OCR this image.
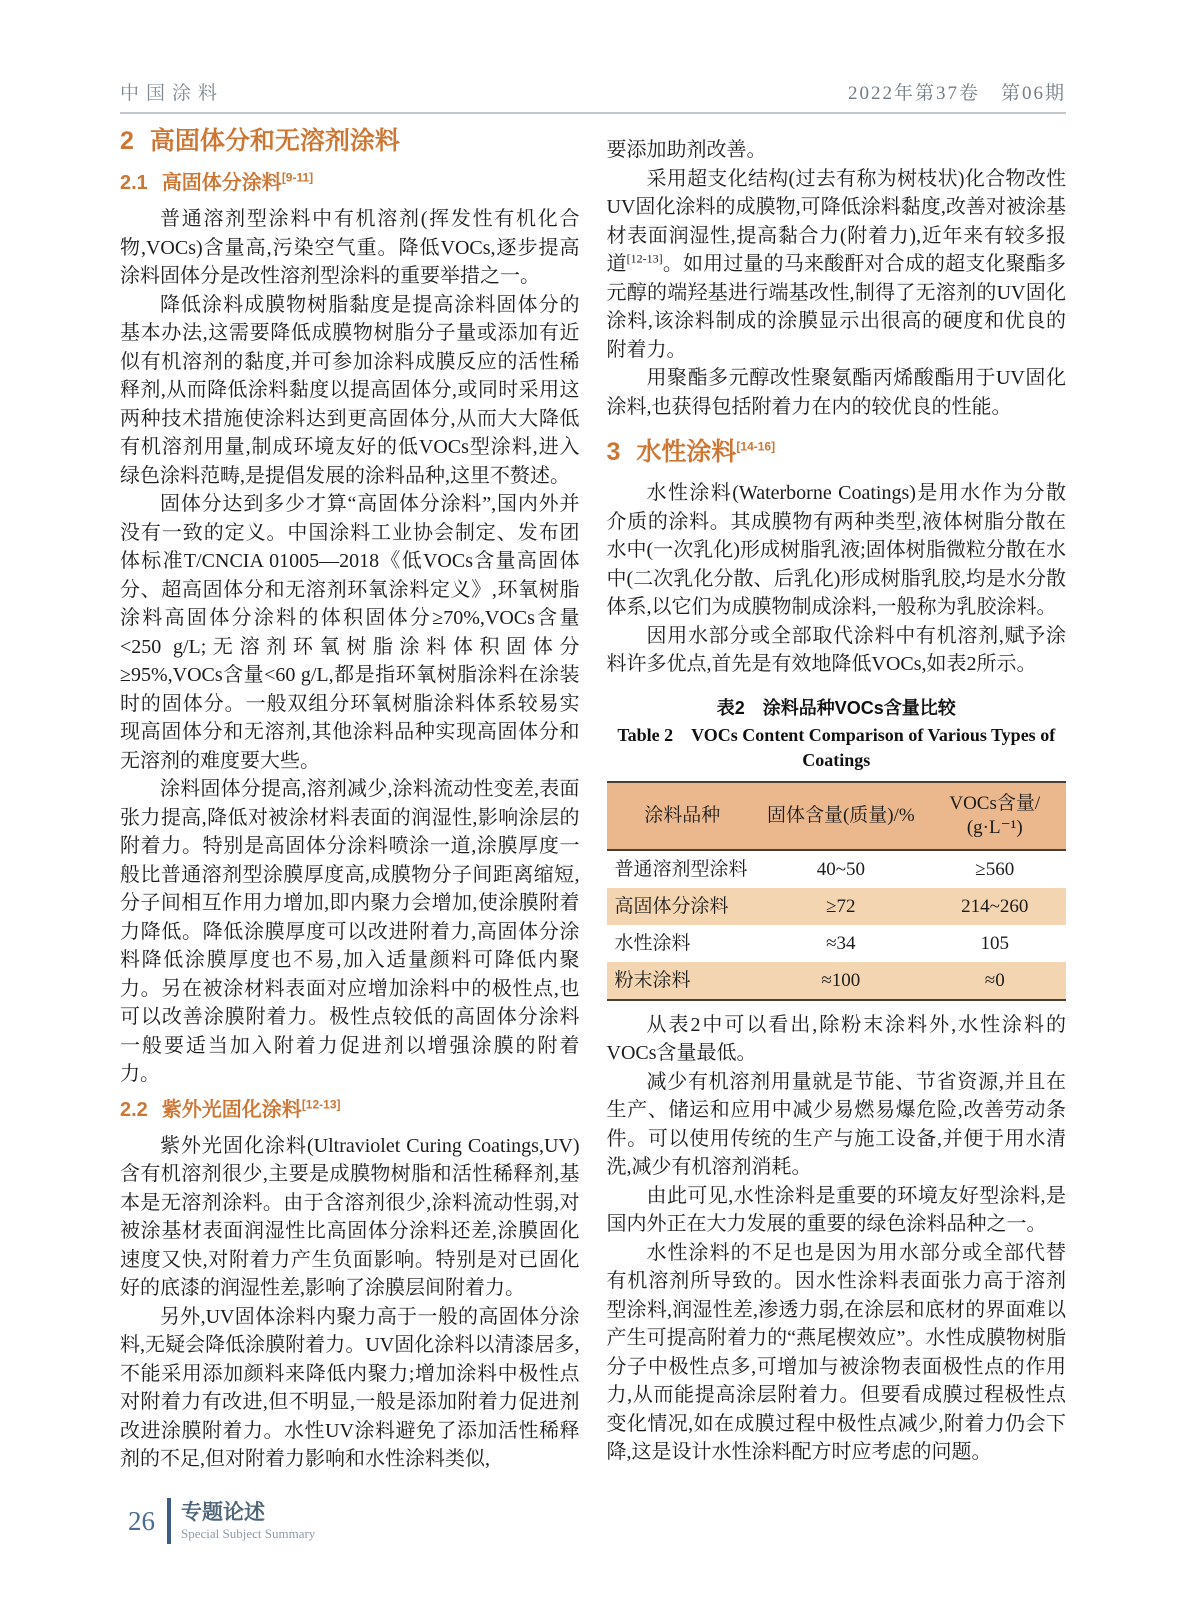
中国涂料	2022年第37卷　第06期
2 高固体分和无溶剂涂料
2.1 高固体分涂料[9-11]

普通溶剂型涂料中有机溶剂(挥发性有机化合物,VOCs)含量高,污染空气重。降低VOCs,逐步提高涂料固体分是改性溶剂型涂料的重要举措之一。

降低涂料成膜物树脂黏度是提高涂料固体分的基本办法,这需要降低成膜物树脂分子量或添加有近似有机溶剂的黏度,并可参加涂料成膜反应的活性稀释剂,从而降低涂料黏度以提高固体分,或同时采用这两种技术措施使涂料达到更高固体分,从而大大降低有机溶剂用量,制成环境友好的低VOCs型涂料,进入绿色涂料范畴,是提倡发展的涂料品种,这里不赘述。

固体分达到多少才算“高固体分涂料”,国内外并没有一致的定义。中国涂料工业协会制定、发布团体标准T/CNCIA 01005—2018《低VOCs含量高固体分、超高固体分和无溶剂环氧涂料定义》,环氧树脂涂料高固体分涂料的体积固体分≥70%,VOCs含量<250 g/L;无溶剂环氧树脂涂料体积固体分≥95%,VOCs含量<60 g/L,都是指环氧树脂涂料在涂装时的固体分。一般双组分环氧树脂涂料体系较易实现高固体分和无溶剂,其他涂料品种实现高固体分和无溶剂的难度要大些。

涂料固体分提高,溶剂减少,涂料流动性变差,表面张力提高,降低对被涂材料表面的润湿性,影响涂层的附着力。特别是高固体分涂料喷涂一道,涂膜厚度一般比普通溶剂型涂膜厚度高,成膜物分子间距离缩短,分子间相互作用力增加,即内聚力会增加,使涂膜附着力降低。降低涂膜厚度可以改进附着力,高固体分涂料降低涂膜厚度也不易,加入适量颜料可降低内聚力。另在被涂材料表面对应增加涂料中的极性点,也可以改善涂膜附着力。极性点较低的高固体分涂料一般要适当加入附着力促进剂以增强涂膜的附着力。

2.2 紫外光固化涂料[12-13]

紫外光固化涂料(Ultraviolet Curing Coatings,UV)含有机溶剂很少,主要是成膜物树脂和活性稀释剂,基本是无溶剂涂料。由于含溶剂很少,涂料流动性弱,对被涂基材表面润湿性比高固体分涂料还差,涂膜固化速度又快,对附着力产生负面影响。特别是对已固化好的底漆的润湿性差,影响了涂膜层间附着力。

另外,UV固体涂料内聚力高于一般的高固体分涂料,无疑会降低涂膜附着力。UV固化涂料以清漆居多,不能采用添加颜料来降低内聚力;增加涂料中极性点对附着力有改进,但不明显,一般是添加附着力促进剂改进涂膜附着力。水性UV涂料避免了添加活性稀释剂的不足,但对附着力影响和水性涂料类似,

要添加助剂改善。

采用超支化结构(过去有称为树枝状)化合物改性UV固化涂料的成膜物,可降低涂料黏度,改善对被涂基材表面润湿性,提高黏合力(附着力),近年来有较多报道[12-13]。如用过量的马来酸酐对合成的超支化聚酯多元醇的端羟基进行端基改性,制得了无溶剂的UV固化涂料,该涂料制成的涂膜显示出很高的硬度和优良的附着力。

用聚酯多元醇改性聚氨酯丙烯酸酯用于UV固化涂料,也获得包括附着力在内的较优良的性能。

3 水性涂料[14-16]

水性涂料(Waterborne Coatings)是用水作为分散介质的涂料。其成膜物有两种类型,液体树脂分散在水中(一次乳化)形成树脂乳液;固体树脂微粒分散在水中(二次乳化分散、后乳化)形成树脂乳胶,均是水分散体系,以它们为成膜物制成涂料,一般称为乳胶涂料。

因用水部分或全部取代涂料中有机溶剂,赋予涂料许多优点,首先是有效地降低VOCs,如表2所示。

表2　涂料品种VOCs含量比较
Table 2　VOCs Content Comparison of Various Types of Coatings
涂料品种	固体含量(质量)/%	VOCs含量/
(g·L⁻¹)

普通溶剂型涂料	40~50	≥560
高固体分涂料	≥72	214~260
水性涂料	≈34	105
粉末涂料	≈100	≈0

从表2中可以看出,除粉末涂料外,水性涂料的VOCs含量最低。

减少有机溶剂用量就是节能、节省资源,并且在生产、储运和应用中减少易燃易爆危险,改善劳动条件。可以使用传统的生产与施工设备,并便于用水清洗,减少有机溶剂消耗。

由此可见,水性涂料是重要的环境友好型涂料,是国内外正在大力发展的重要的绿色涂料品种之一。

水性涂料的不足也是因为用水部分或全部代替有机溶剂所导致的。因水性涂料表面张力高于溶剂型涂料,润湿性差,渗透力弱,在涂层和底材的界面难以产生可提高附着力的“燕尾楔效应”。水性成膜物树脂分子中极性点多,可增加与被涂物表面极性点的作用力,从而能提高涂层附着力。但要看成膜过程极性点变化情况,如在成膜过程中极性点减少,附着力仍会下降,这是设计水性涂料配方时应考虑的问题。

26 专题论述
Special Subject Summary
